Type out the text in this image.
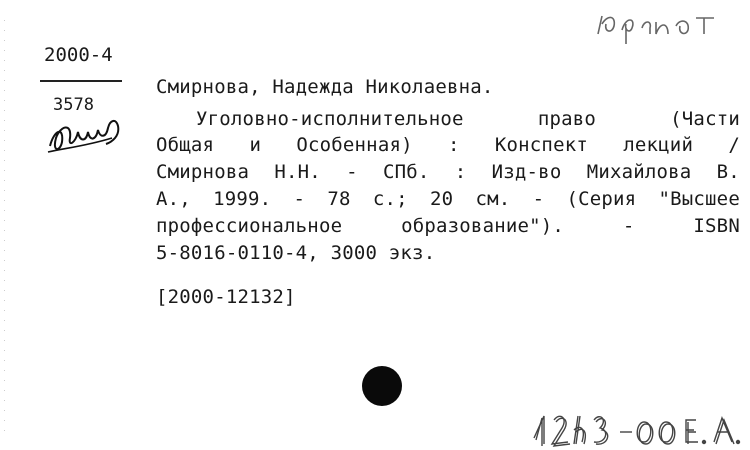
2000-4
3578
Смирнова, Надежда Николаевна.
Уголовно-исполнительное	право	(Части
Общая и Особенная) : Конспект лекций /
Смирнова Н.Н. - СПб. : Изд-во Михайлова В.
А., 1999. - 78 с.; 20 см. - (Серия "Высшее
профессиональное	образование").	-	ISBN
5-8016-0110-4, 3000 экз.
[2000-12132]
